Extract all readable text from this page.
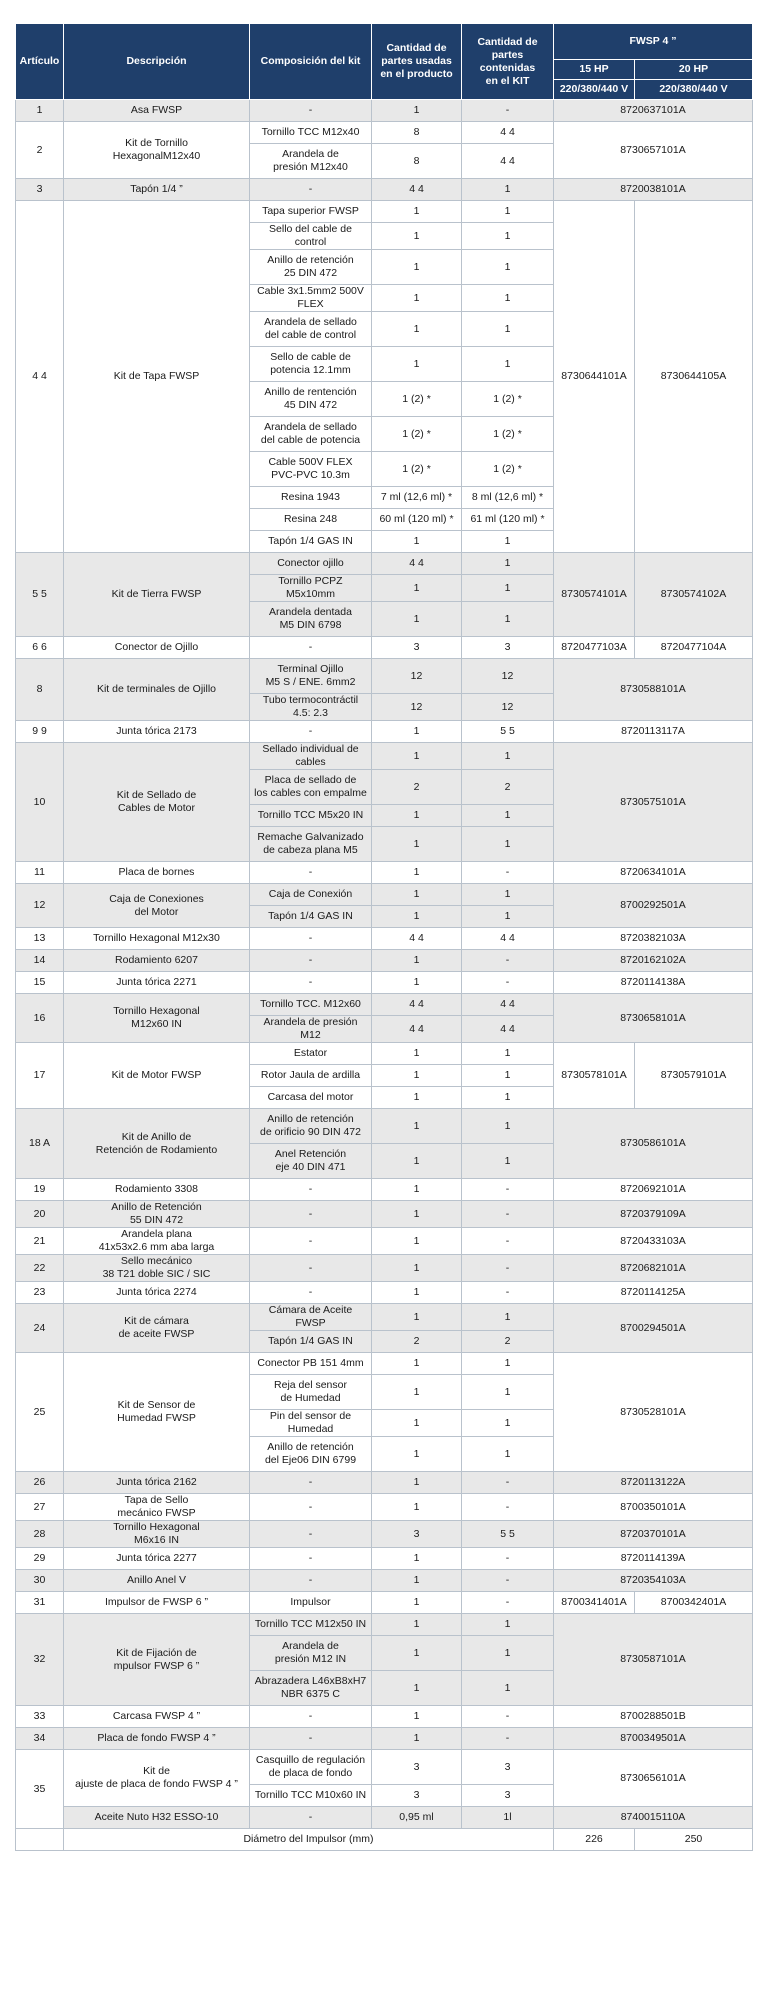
Artículo	Descripción	Composición del kit	Cantidad de
partes usadas
en el producto	Cantidad de
partes contenidas
en el KIT	FWSP 4 ”	
					15 HP	20 HP
					220/380/440 V	220/380/440 V
1	Asa FWSP	-	1	-	8720637101A	
2	Kit de Tornillo
HexagonalM12x40	Tornillo TCC M12x40	8	4 4	8730657101A	
		Arandela de
presión M12x40	8	4 4		
3	Tapón 1/4 ”	-	4 4	1	8720038101A	
4 4	Kit de Tapa FWSP	Tapa superior FWSP	1	1	8730644101A	8730644105A
		Sello del cable de control	1	1		
		Anillo de retención
25 DIN 472	1	1		
		Cable 3x1.5mm2 500V FLEX	1	1		
		Arandela de sellado
del cable de control	1	1		
		Sello de cable de
potencia 12.1mm	1	1		
		Anillo de rentención
45 DIN 472	1 (2) *	1 (2) *		
		Arandela de sellado
del cable de potencia	1 (2) *	1 (2) *		
		Cable 500V FLEX
PVC-PVC 10.3m	1 (2) *	1 (2) *		
		Resina 1943	7 ml (12,6 ml) *	8 ml (12,6 ml) *		
		Resina 248	60 ml (120 ml) *	61 ml (120 ml) *		
		Tapón 1/4 GAS IN	1	1		
5 5	Kit de Tierra FWSP	Conector ojillo	4 4	1	8730574101A	8730574102A
		Tornillo PCPZ M5x10mm	1	1		
		Arandela dentada
M5 DIN 6798	1	1		
6 6	Conector de Ojillo	-	3	3	8720477103A	8720477104A
8	Kit de terminales de Ojillo	Terminal Ojillo
M5 S / ENE. 6mm2	12	12	8730588101A	
		Tubo termocontráctil 4.5: 2.3	12	12		
9 9	Junta tórica 2173	-	1	5 5	8720113117A	
10	Kit de Sellado de
Cables de Motor	Sellado individual de cables	1	1	8730575101A	
		Placa de sellado de
los cables con empalme	2	2		
		Tornillo TCC M5x20 IN	1	1		
		Remache Galvanizado
de cabeza plana M5	1	1		
11	Placa de bornes	-	1	-	8720634101A	
12	Caja de Conexiones
del Motor	Caja de Conexión	1	1	8700292501A	
		Tapón 1/4 GAS IN	1	1		
13	Tornillo Hexagonal M12x30	-	4 4	4 4	8720382103A	
14	Rodamiento 6207	-	1	-	8720162102A	
15	Junta tórica 2271	-	1	-	8720114138A	
16	Tornillo Hexagonal
M12x60 IN	Tornillo TCC. M12x60	4 4	4 4	8730658101A	
		Arandela de presión M12	4 4	4 4		
17	Kit de Motor FWSP	Estator	1	1	8730578101A	8730579101A
		Rotor Jaula de ardilla	1	1		
		Carcasa del motor	1	1		
18 A	Kit de Anillo de
Retención de Rodamiento	Anillo de retención
de orificio 90 DIN 472	1	1	8730586101A	
		Anel Retención
eje 40 DIN 471	1	1		
19	Rodamiento 3308	-	1	-	8720692101A	
20	Anillo de Retención
55 DIN 472	-	1	-	8720379109A	
21	Arandela plana
41x53x2.6 mm aba larga	-	1	-	8720433103A	
22	Sello mecánico
38 T21 doble SIC / SIC	-	1	-	8720682101A	
23	Junta tórica 2274	-	1	-	8720114125A	
24	Kit de cámara
de aceite FWSP	Cámara de Aceite FWSP	1	1	8700294501A	
		Tapón 1/4 GAS IN	2	2		
25	Kit de Sensor de
Humedad FWSP	Conector PB 151 4mm	1	1	8730528101A	
		Reja del sensor
de Humedad	1	1		
		Pin del sensor de Humedad	1	1		
		Anillo de retención
del Eje06 DIN 6799	1	1		
26	Junta tórica 2162	-	1	-	8720113122A	
27	Tapa de Sello
mecánico FWSP	-	1	-	8700350101A	
28	Tornillo Hexagonal
M6x16 IN	-	3	5 5	8720370101A	
29	Junta tórica 2277	-	1	-	8720114139A	
30	Anillo Anel V	-	1	-	8720354103A	
31	Impulsor de FWSP 6 ”	Impulsor	1	-	8700341401A	8700342401A
32	Kit de Fijación de
mpulsor FWSP 6 ”	Tornillo TCC M12x50 IN	1	1	8730587101A	
		Arandela de
presión M12 IN	1	1		
		Abrazadera L46xB8xH7
NBR 6375 C	1	1		
33	Carcasa FWSP 4 ”	-	1	-	8700288501B	
34	Placa de fondo FWSP 4 ”	-	1	-	8700349501A	
35	Kit de
ajuste de placa de fondo FWSP 4 ”	Casquillo de regulación
de placa de fondo	3	3	8730656101A	
		Tornillo TCC M10x60 IN	3	3		
	Aceite Nuto H32 ESSO-10	-	0,95 ml	1l	8740015110A	
	Diámetro del Impulsor (mm)				226	250
